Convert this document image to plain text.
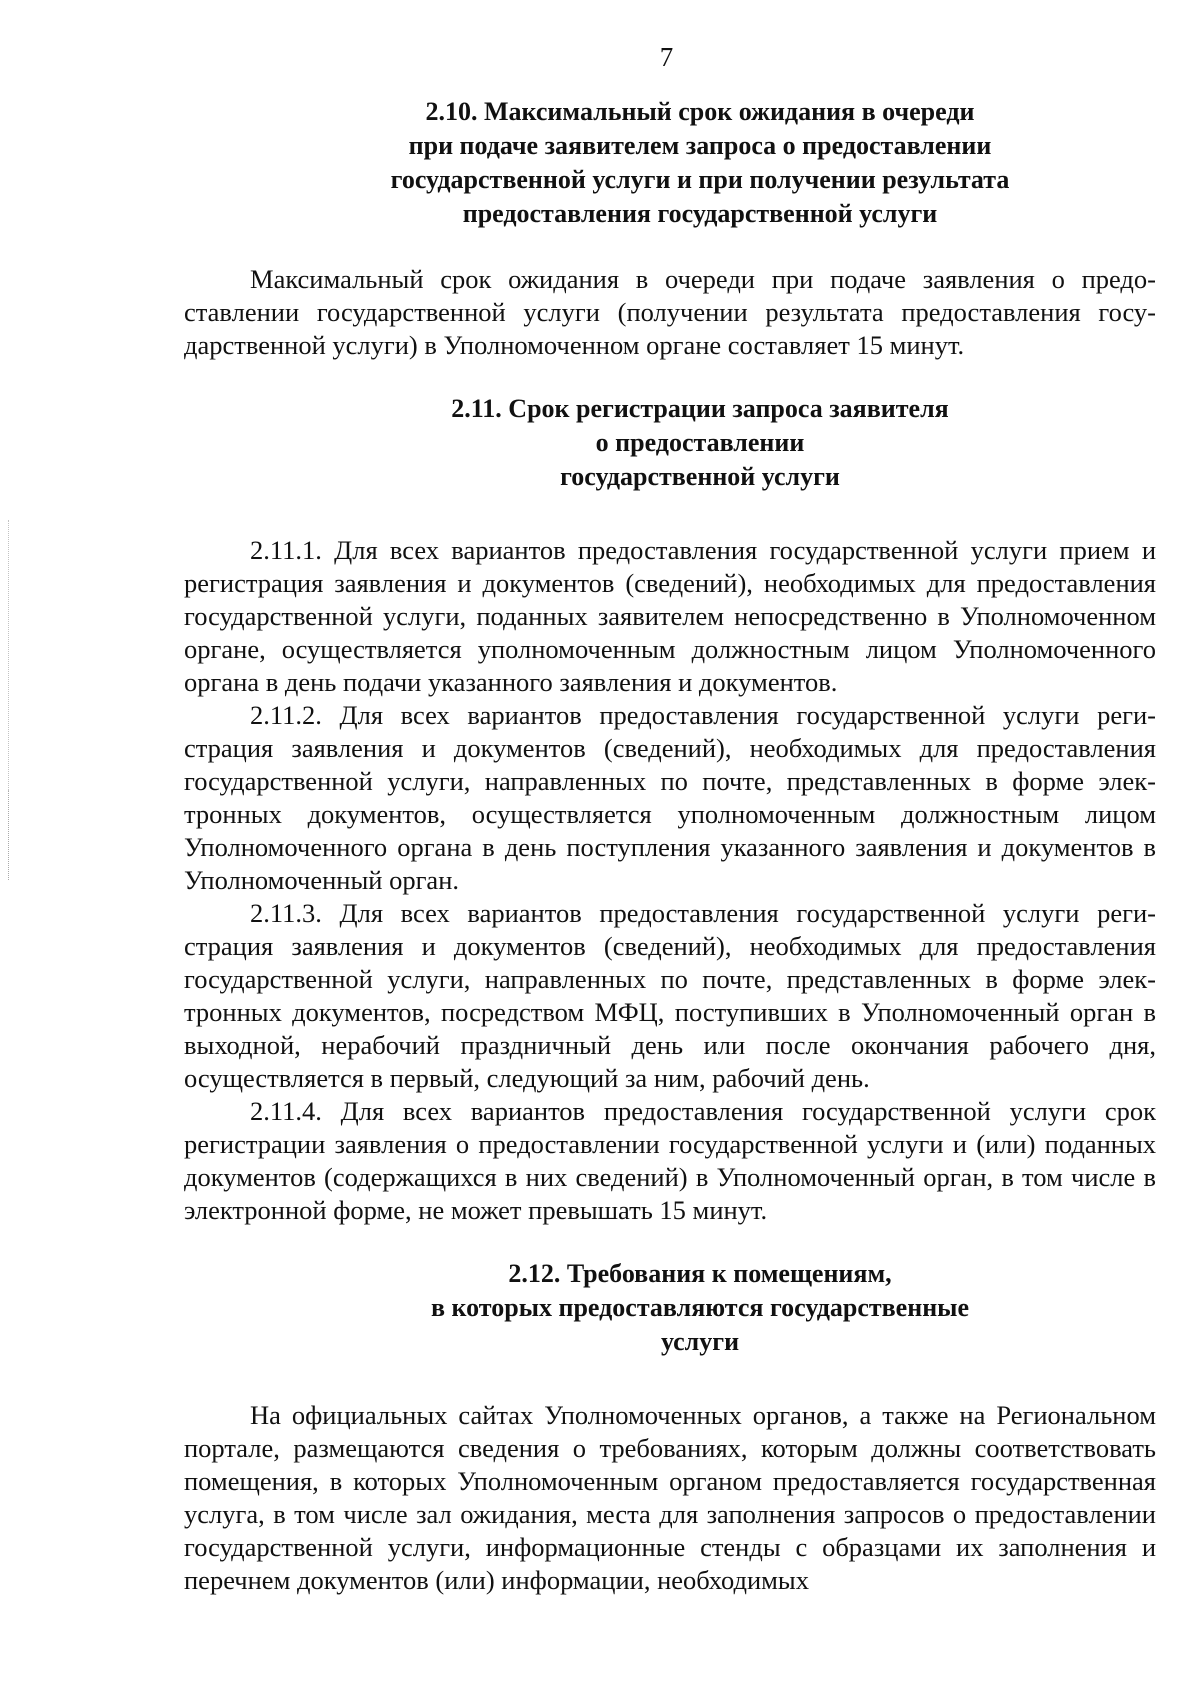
7
2.10. Максимальный срок ожидания в очереди
при подаче заявителем запроса о предоставлении
государственной услуги и при получении результата
предоставления государственной услуги

Максимальный срок ожидания в очереди при подаче заявления о предоставлении государственной услуги (получении результата предоставления государственной услуги) в Уполномоченном органе составляет 15 минут.

2.11. Срок регистрации запроса заявителя
о предоставлении
государственной услуги

2.11.1. Для всех вариантов предоставления государственной услуги прием и регистрация заявления и документов (сведений), необходимых для предоставления государственной услуги, поданных заявителем непосредственно в Уполномоченном органе, осуществляется уполномоченным должностным лицом Уполномоченного органа в день подачи указанного заявления и документов.

2.11.2. Для всех вариантов предоставления государственной услуги регистрация заявления и документов (сведений), необходимых для предоставления государственной услуги, направленных по почте, представленных в форме электронных документов, осуществляется уполномоченным должностным лицом Уполномоченного органа в день поступления указанного заявления и документов в Уполномоченный орган.

2.11.3. Для всех вариантов предоставления государственной услуги регистрация заявления и документов (сведений), необходимых для предоставления государственной услуги, направленных по почте, представленных в форме электронных документов, посредством МФЦ, поступивших в Уполномоченный орган в выходной, нерабочий праздничный день или после окончания рабочего дня, осуществляется в первый, следующий за ним, рабочий день.

2.11.4. Для всех вариантов предоставления государственной услуги срок регистрации заявления о предоставлении государственной услуги и (или) поданных документов (содержащихся в них сведений) в Уполномоченный орган, в том числе в электронной форме, не может превышать 15 минут.

2.12. Требования к помещениям,
в которых предоставляются государственные
услуги

На официальных сайтах Уполномоченных органов, а также на Региональном портале, размещаются сведения о требованиях, которым должны соответствовать помещения, в которых Уполномоченным органом предоставляется государственная услуга, в том числе зал ожидания, места для заполнения запросов о предоставлении государственной услуги, информационные стенды с образцами их заполнения и перечнем документов (или) информации, необходимых
